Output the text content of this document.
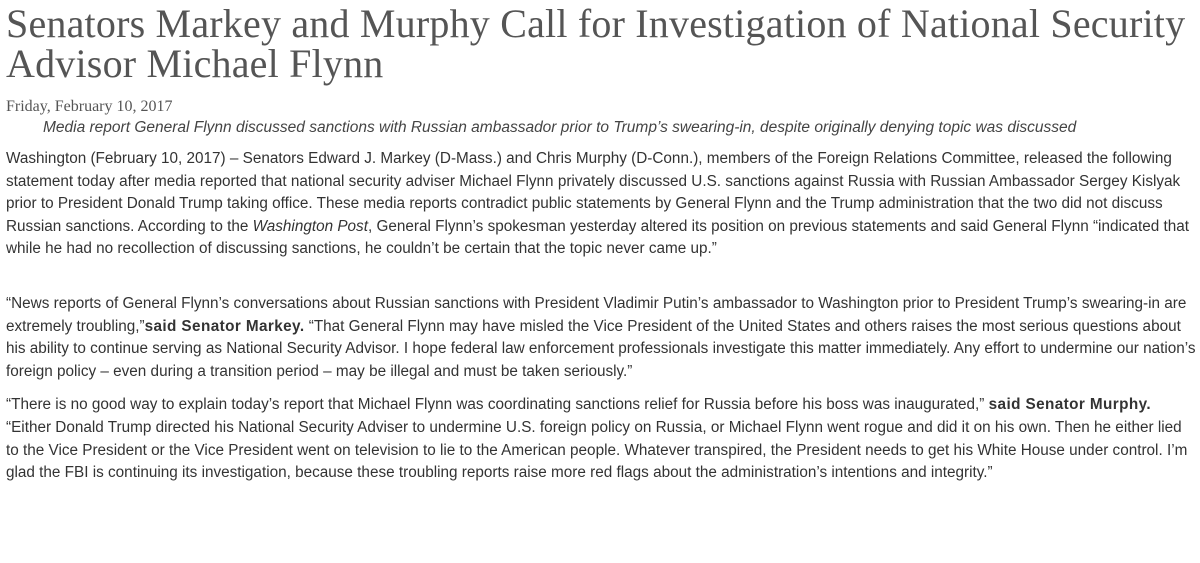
Senators Markey and Murphy Call for Investigation of National Security Advisor Michael Flynn
Friday, February 10, 2017
Media report General Flynn discussed sanctions with Russian ambassador prior to Trump’s swearing-in, despite originally denying topic was discussed

Washington (February 10, 2017) – Senators Edward J. Markey (D-Mass.) and Chris Murphy (D-Conn.), members of the Foreign Relations Committee, released the following statement today after media reported that national security adviser Michael Flynn privately discussed U.S. sanctions against Russia with Russian Ambassador Sergey Kislyak prior to President Donald Trump taking office. These media reports contradict public statements by General Flynn and the Trump administration that the two did not discuss Russian sanctions. According to the Washington Post, General Flynn’s spokesman yesterday altered its position on previous statements and said General Flynn “indicated that while he had no recollection of discussing sanctions, he couldn’t be certain that the topic never came up.”

“News reports of General Flynn’s conversations about Russian sanctions with President Vladimir Putin’s ambassador to Washington prior to President Trump’s swearing-in are extremely troubling,”said Senator Markey. “That General Flynn may have misled the Vice President of the United States and others raises the most serious questions about his ability to continue serving as National Security Advisor. I hope federal law enforcement professionals investigate this matter immediately. Any effort to undermine our nation’s foreign policy – even during a transition period – may be illegal and must be taken seriously.”

“There is no good way to explain today’s report that Michael Flynn was coordinating sanctions relief for Russia before his boss was inaugurated,” said Senator Murphy. “Either Donald Trump directed his National Security Adviser to undermine U.S. foreign policy on Russia, or Michael Flynn went rogue and did it on his own. Then he either lied to the Vice President or the Vice President went on television to lie to the American people. Whatever transpired, the President needs to get his White House under control. I’m glad the FBI is continuing its investigation, because these troubling reports raise more red flags about the administration’s intentions and integrity.”
